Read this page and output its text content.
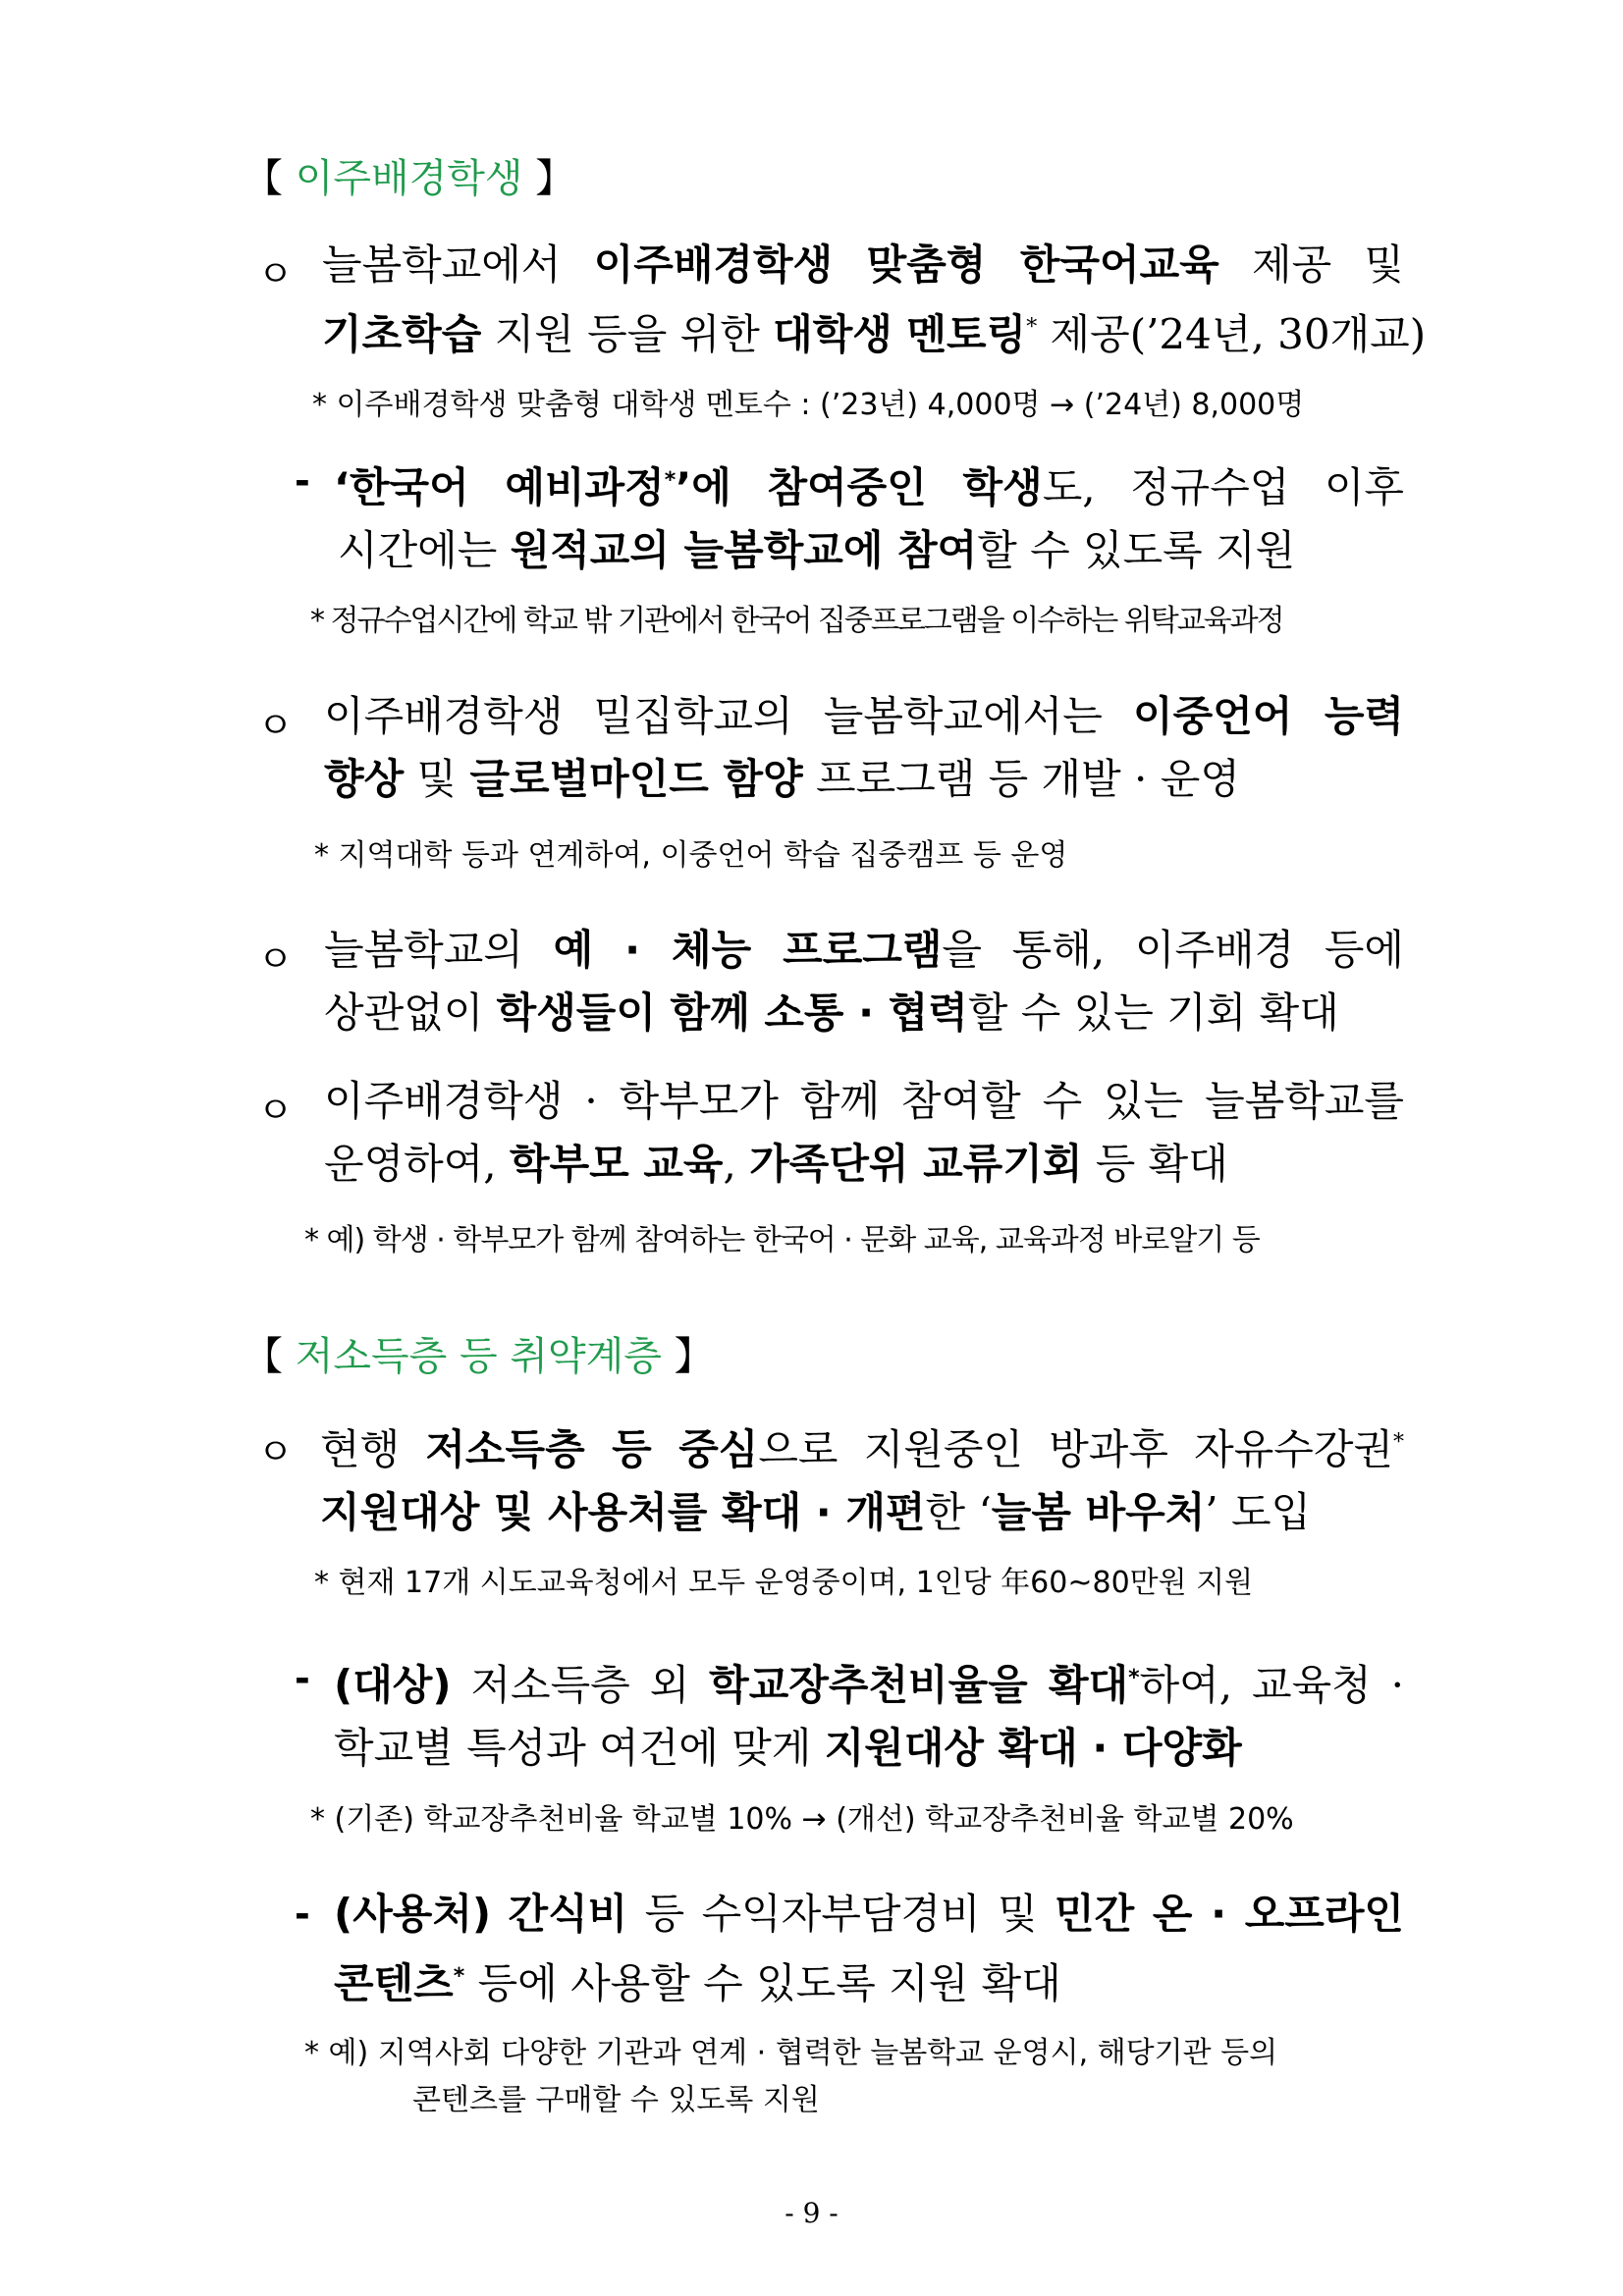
【 이주배경학생 】
ㅇ 늘봄학교에서 이주배경학생 맞춤형 한국어교육 제공 및
기초학습 지원 등을 위한 대학생 멘토링* 제공(’24년, 30개교)
* 이주배경학생 맞춤형 대학생 멘토수 : (’23년) 4,000명 → (’24년) 8,000명
- ‘한국어 예비과정*’에 참여중인 학생도, 정규수업 이후
시간에는 원적교의 늘봄학교에 참여할 수 있도록 지원
* 정규수업시간에 학교 밖 기관에서 한국어 집중프로그램을 이수하는 위탁교육과정
ㅇ 이주배경학생 밀집학교의 늘봄학교에서는 이중언어 능력
향상 및 글로벌마인드 함양 프로그램 등 개발 · 운영
* 지역대학 등과 연계하여, 이중언어 학습 집중캠프 등 운영
ㅇ 늘봄학교의 예 · 체능 프로그램을 통해, 이주배경 등에
상관없이 학생들이 함께 소통 · 협력할 수 있는 기회 확대
ㅇ 이주배경학생 · 학부모가 함께 참여할 수 있는 늘봄학교를
운영하여, 학부모 교육, 가족단위 교류기회 등 확대
* 예) 학생 · 학부모가 함께 참여하는 한국어 · 문화 교육, 교육과정 바로알기 등
【 저소득층 등 취약계층 】
ㅇ 현행 저소득층 등 중심으로 지원중인 방과후 자유수강권*
지원대상 및 사용처를 확대 · 개편한 ‘늘봄 바우처’ 도입
* 현재 17개 시도교육청에서 모두 운영중이며, 1인당 年60~80만원 지원
- (대상) 저소득층 외 학교장추천비율을 확대*하여, 교육청 ·
학교별 특성과 여건에 맞게 지원대상 확대 · 다양화
* (기존) 학교장추천비율 학교별 10% → (개선) 학교장추천비율 학교별 20%
- (사용처) 간식비 등 수익자부담경비 및 민간 온 · 오프라인
콘텐츠* 등에 사용할 수 있도록 지원 확대
* 예) 지역사회 다양한 기관과 연계 · 협력한 늘봄학교 운영시, 해당기관 등의
콘텐츠를 구매할 수 있도록 지원
- 9 -
